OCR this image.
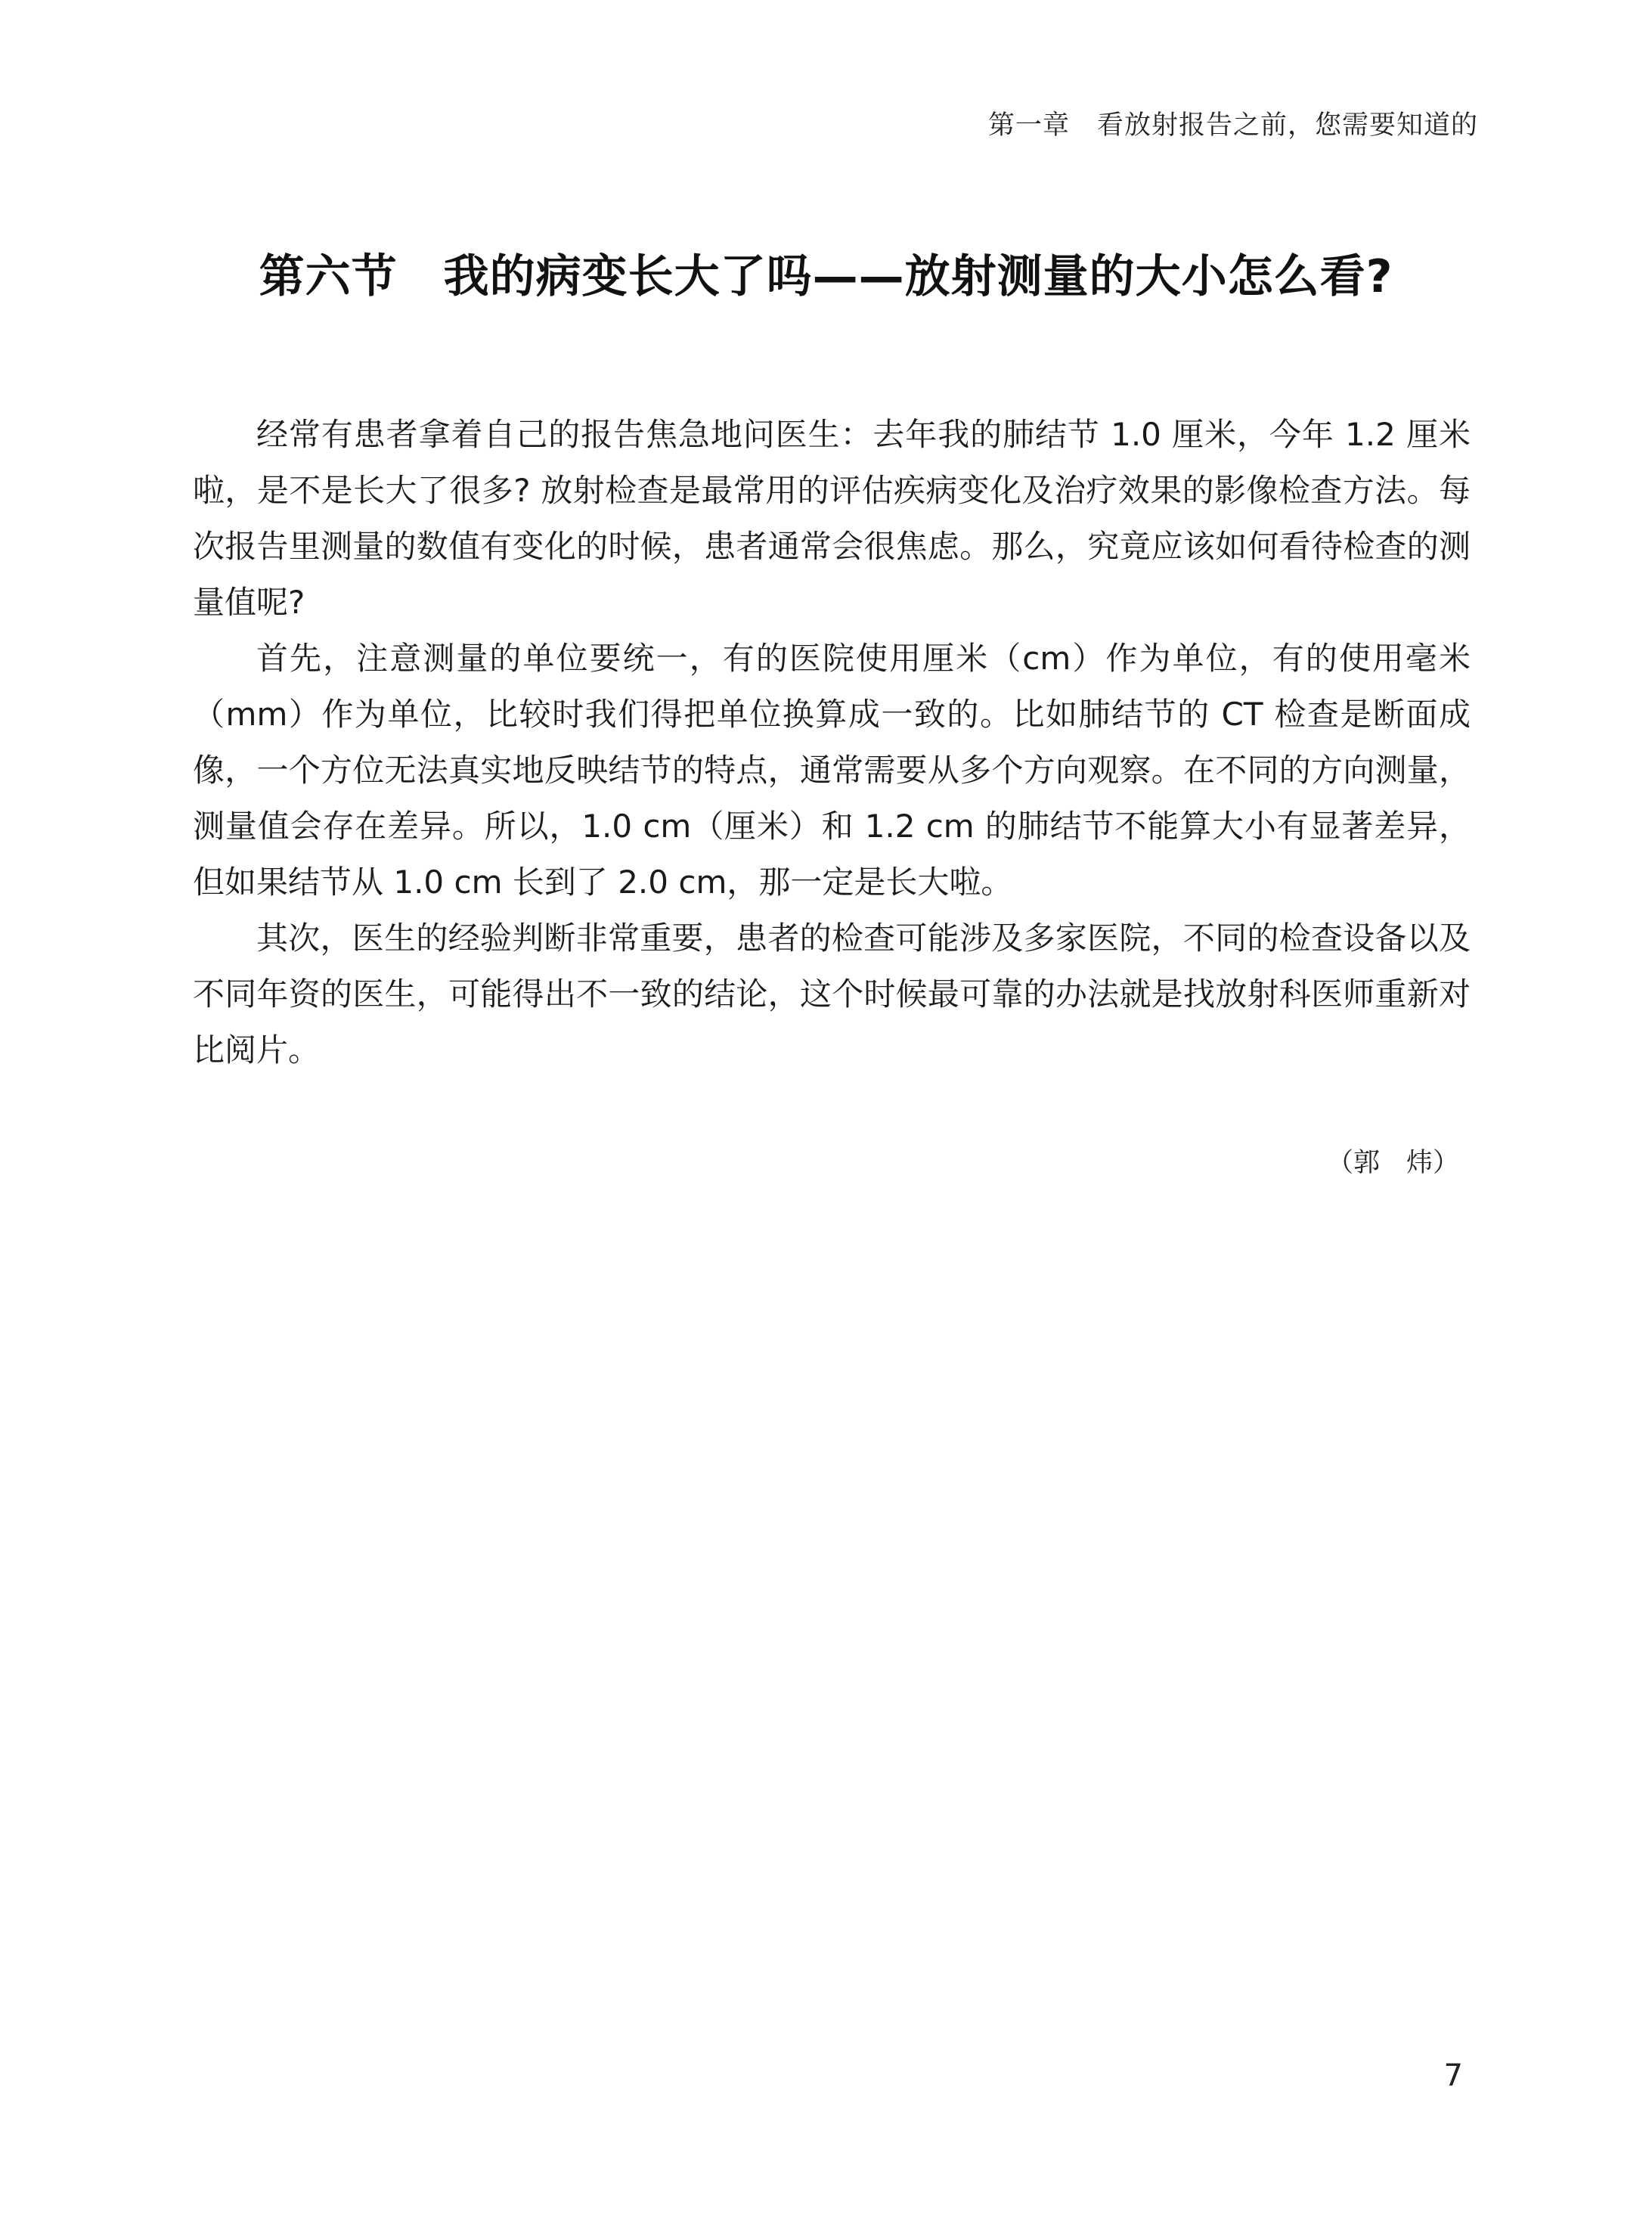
第一章　看放射报告之前，您需要知道的
第六节　我的病变长大了吗——放射测量的大小怎么看?

经常有患者拿着自己的报告焦急地问医生：去年我的肺结节 1.0 厘米，今年 1.2 厘米啦，是不是长大了很多? 放射检查是最常用的评估疾病变化及治疗效果的影像检查方法。每次报告里测量的数值有变化的时候，患者通常会很焦虑。那么，究竟应该如何看待检查的测量值呢?

首先，注意测量的单位要统一，有的医院使用厘米（cm）作为单位，有的使用毫米（mm）作为单位，比较时我们得把单位换算成一致的。比如肺结节的 CT 检查是断面成像，一个方位无法真实地反映结节的特点，通常需要从多个方向观察。在不同的方向测量，测量值会存在差异。所以，1.0 cm（厘米）和 1.2 cm 的肺结节不能算大小有显著差异，但如果结节从 1.0 cm 长到了 2.0 cm，那一定是长大啦。

其次，医生的经验判断非常重要，患者的检查可能涉及多家医院，不同的检查设备以及不同年资的医生，可能得出不一致的结论，这个时候最可靠的办法就是找放射科医师重新对比阅片。

（郭　炜）
7
